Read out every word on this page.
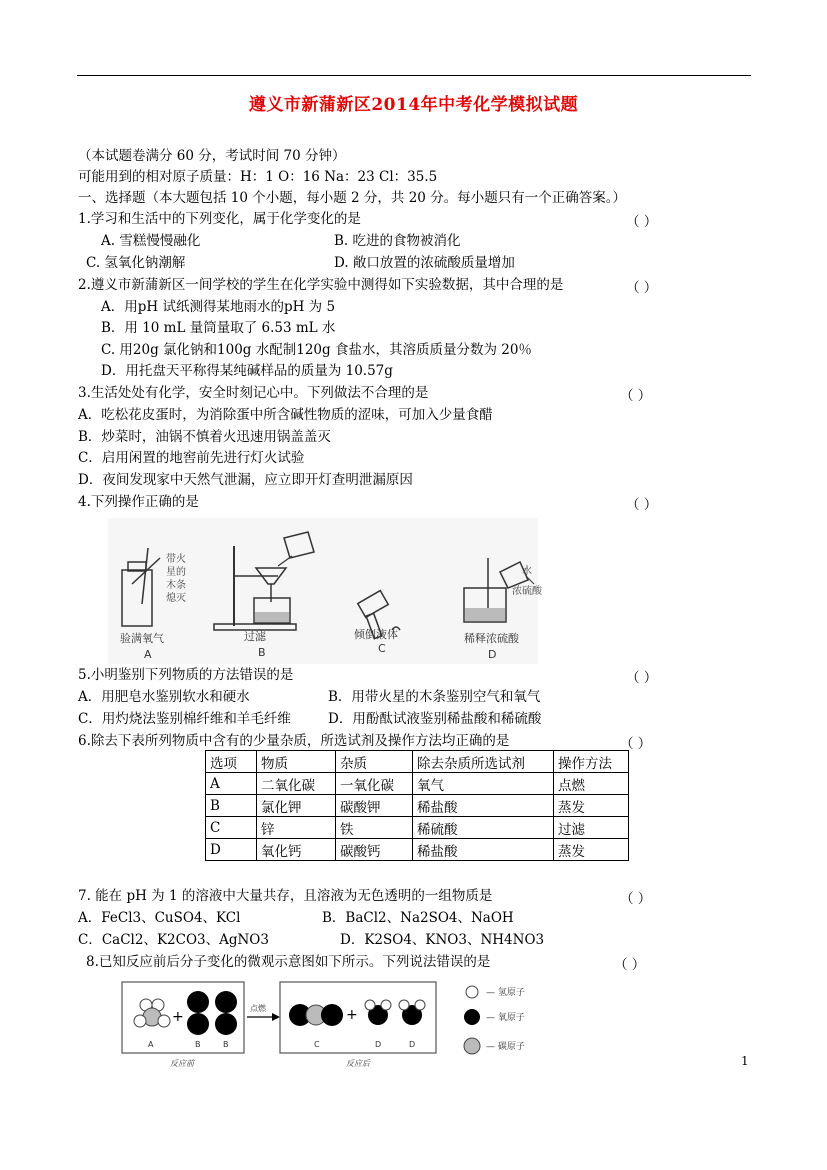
遵义市新蒲新区2014年中考化学模拟试题
（本试题卷满分 60 分，考试时间 70 分钟）
可能用到的相对原子质量：H：1 O：16 Na：23 Cl：35.5
一、选择题（本大题包括 10 个小题，每小题 2 分，共 20 分。每小题只有一个正确答案。）
1.学习和生活中的下列变化，属于化学变化的是	（ ）
A. 雪糕慢慢融化	B. 吃进的食物被消化
C. 氢氧化钠潮解	D. 敞口放置的浓硫酸质量增加
2.遵义市新蒲新区一间学校的学生在化学实验中测得如下实验数据，其中合理的是	（ ）
A．用pH 试纸测得某地雨水的pH 为 5
B．用 10 mL 量筒量取了 6.53 mL 水
C. 用20g 氯化钠和100g 水配制120g 食盐水，其溶质质量分数为 20％
D．用托盘天平称得某纯碱样品的质量为 10.57g
3.生活处处有化学，安全时刻记心中。下列做法不合理的是	（ ）
A．吃松花皮蛋时，为消除蛋中所含碱性物质的涩味，可加入少量食醋
B．炒菜时，油锅不慎着火迅速用锅盖盖灭
C．启用闲置的地窖前先进行灯火试验
D．夜间发现家中天然气泄漏，应立即开灯查明泄漏原因
4.下列操作正确的是	（ ）
带火
星的
木条
熄灭
浓硫酸
水
验满氧气	过滤	倾倒液体	稀释浓硫酸
A	B	C	D
5.小明鉴别下列物质的方法错误的是	（ ）
A．用肥皂水鉴别软水和硬水	B．用带火星的木条鉴别空气和氧气
C．用灼烧法鉴别棉纤维和羊毛纤维	D．用酚酞试液鉴别稀盐酸和稀硫酸
6.除去下表所列物质中含有的少量杂质，所选试剂及操作方法均正确的是	（ ）
选项	物质	杂质	除去杂质所选试剂	操作方法
A	二氧化碳	一氧化碳	氧气	点燃
B	氯化钾	碳酸钾	稀盐酸	蒸发
C	锌	铁	稀硫酸	过滤
D	氧化钙	碳酸钙	稀盐酸	蒸发
7. 能在 pH 为 1 的溶液中大量共存，且溶液为无色透明的一组物质是	（ ）
A．FeCl3、CuSO4、KCl	B．BaCl2、Na2SO4、NaOH
C．CaCl2、K2CO3、AgNO3	D．K2SO4、KNO3、NH4NO3
8.已知反应前后分子变化的微观示意图如下所示。下列说法错误的是	（ ）
+
A	B	B
点燃	+
C	D	D
反应前	反应后
— 氢原子
— 氧原子
— 碳原子
1
